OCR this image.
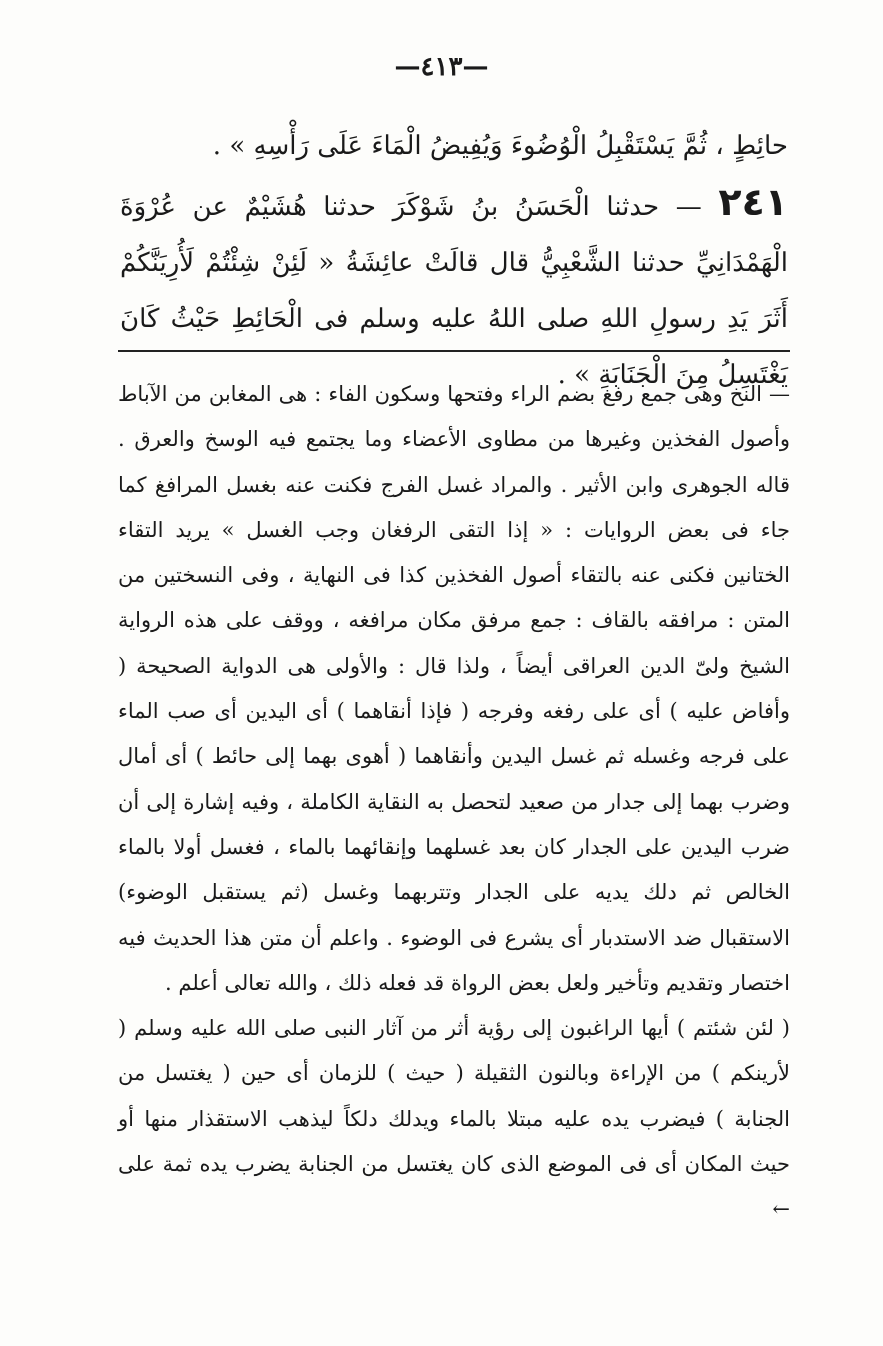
—٤١٣—

حائِطٍ ، ثُمَّ يَسْتَقْبِلُ الْوُضُوءَ وَيُفِيضُ الْمَاءَ عَلَى رَأْسِهِ » .

٢٤١ — حدثنا الْحَسَنُ بنُ شَوْكَرَ حدثنا هُشَيْمٌ عن عُرْوَةَ الْهَمْدَانِيِّ حدثنا الشَّعْبِيُّ قال قالَتْ عائِشَةُ « لَئِنْ شِئْتُمْ لَأُرِيَنَّكُمْ أَثَرَ يَدِ رسولِ اللهِ صلى اللهُ عليه وسلم فى الْحَائِطِ حَيْثُ كَانَ يَغْتَسِلُ مِنَ الْجَنَابَةِ » .

— النخ وهى جمع رفغ بضم الراء وفتحها وسكون الفاء : هى المغابن من الآباط وأصول الفخذين وغيرها من مطاوى الأعضاء وما يجتمع فيه الوسخ والعرق . قاله الجوهرى وابن الأثير . والمراد غسل الفرج فكنت عنه بغسل المرافغ كما جاء فى بعض الروايات : « إذا التقى الرفغان وجب الغسل » يريد التقاء الختانين فكنى عنه بالتقاء أصول الفخذين كذا فى النهاية ، وفى النسختين من المتن : مرافقه بالقاف : جمع مرفق مكان مرافغه ، ووقف على هذه الرواية الشيخ ولىّ الدين العراقى أيضاً ، ولذا قال : والأولى هى الدواية الصحيحة ( وأفاض عليه ) أى على رفغه وفرجه ( فإذا أنقاهما ) أى اليدين أى صب الماء على فرجه وغسله ثم غسل اليدين وأنقاهما ( أهوى بهما إلى حائط ) أى أمال وضرب بهما إلى جدار من صعيد لتحصل به النقاية الكاملة ، وفيه إشارة إلى أن ضرب اليدين على الجدار كان بعد غسلهما وإنقائهما بالماء ، فغسل أولا بالماء الخالص ثم دلك يديه على الجدار وتتربهما وغسل (ثم يستقبل الوضوء) الاستقبال ضد الاستدبار أى يشرع فى الوضوء . واعلم أن متن هذا الحديث فيه اختصار وتقديم وتأخير ولعل بعض الرواة قد فعله ذلك ، والله تعالى أعلم .

( لئن شئتم ) أيها الراغبون إلى رؤية أثر من آثار النبى صلى الله عليه وسلم ( لأرينكم ) من الإراءة وبالنون الثقيلة ( حيث ) للزمان أى حين ( يغتسل من الجنابة ) فيضرب يده عليه مبتلا بالماء ويدلك دلكاً ليذهب الاستقذار منها أو حيث المكان أى فى الموضع الذى كان يغتسل من الجنابة يضرب يده ثمة على ←
